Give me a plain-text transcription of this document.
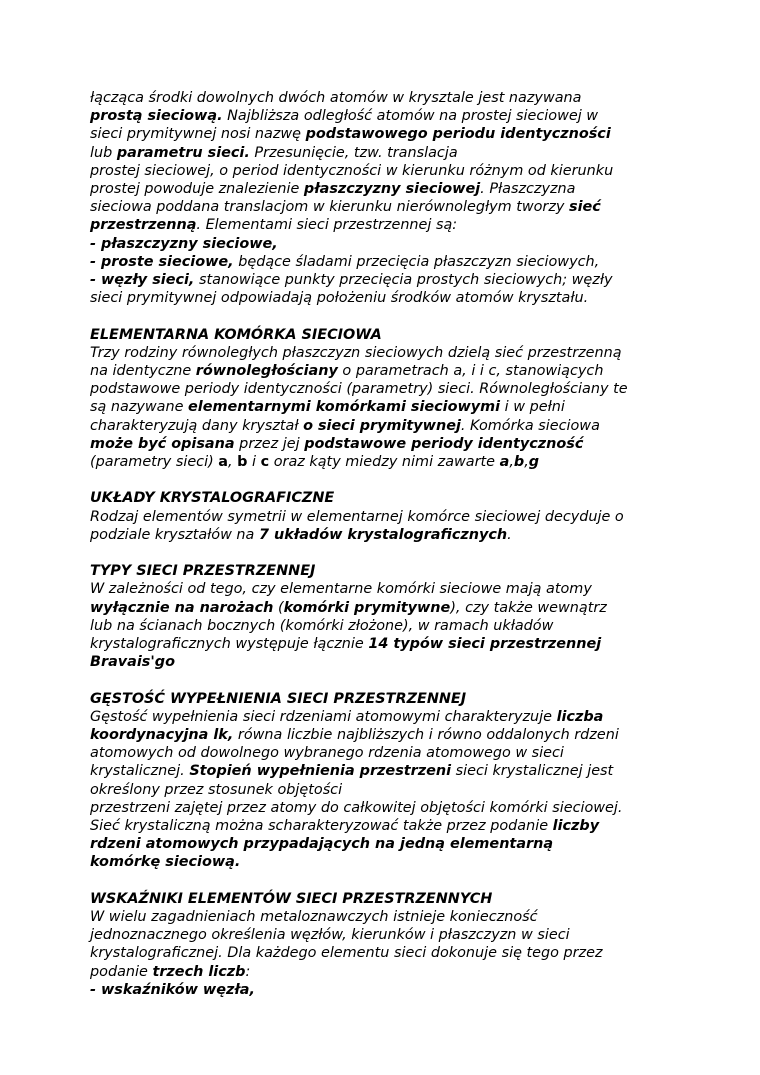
łącząca środki dowolnych dwóch atomów w krysztale jest nazywana
prostą sieciową. Najbliższa odległość atomów na prostej sieciowej w
sieci prymitywnej nosi nazwę podstawowego periodu identyczności
lub parametru sieci. Przesunięcie, tzw. translacja
prostej sieciowej, o period identyczności w kierunku różnym od kierunku
prostej powoduje znalezienie płaszczyzny sieciowej. Płaszczyzna
sieciowa poddana translacjom w kierunku nierównoległym tworzy sieć
przestrzenną. Elementami sieci przestrzennej są:
- płaszczyzny sieciowe,
- proste sieciowe, będące śladami przecięcia płaszczyzn sieciowych,
- węzły sieci, stanowiące punkty przecięcia prostych sieciowych; węzły
sieci prymitywnej odpowiadają położeniu środków atomów kryształu.
ELEMENTARNA KOMÓRKA SIECIOWA
Trzy rodziny równoległych płaszczyzn sieciowych dzielą sieć przestrzenną
na identyczne równoległościany o parametrach a, i i c, stanowiących
podstawowe periody identyczności (parametry) sieci. Równoległościany te
są nazywane elementarnymi komórkami sieciowymi i w pełni
charakteryzują dany kryształ o sieci prymitywnej. Komórka sieciowa
może być opisana przez jej podstawowe periody identyczność
(parametry sieci) a, b i c oraz kąty miedzy nimi zawarte a,b,g
UKŁADY KRYSTALOGRAFICZNE
Rodzaj elementów symetrii w elementarnej komórce sieciowej decyduje o
podziale kryształów na 7 układów krystalograficznych.
TYPY SIECI PRZESTRZENNEJ
W zależności od tego, czy elementarne komórki sieciowe mają atomy
wyłącznie na narożach (komórki prymitywne), czy także wewnątrz
lub na ścianach bocznych (komórki złożone), w ramach układów
krystalograficznych występuje łącznie 14 typów sieci przestrzennej
Bravais'go
GĘSTOŚĆ WYPEŁNIENIA SIECI PRZESTRZENNEJ
Gęstość wypełnienia sieci rdzeniami atomowymi charakteryzuje liczba
koordynacyjna lk, równa liczbie najbliższych i równo oddalonych rdzeni
atomowych od dowolnego wybranego rdzenia atomowego w sieci
krystalicznej. Stopień wypełnienia przestrzeni sieci krystalicznej jest
określony przez stosunek objętości
przestrzeni zajętej przez atomy do całkowitej objętości komórki sieciowej.
Sieć krystaliczną można scharakteryzować także przez podanie liczby
rdzeni atomowych przypadających na jedną elementarną
komórkę sieciową.
WSKAŹNIKI ELEMENTÓW SIECI PRZESTRZENNYCH
W wielu zagadnieniach metaloznawczych istnieje konieczność
jednoznacznego określenia węzłów, kierunków i płaszczyzn w sieci
krystalograficznej. Dla każdego elementu sieci dokonuje się tego przez
podanie trzech liczb:
- wskaźników węzła,
